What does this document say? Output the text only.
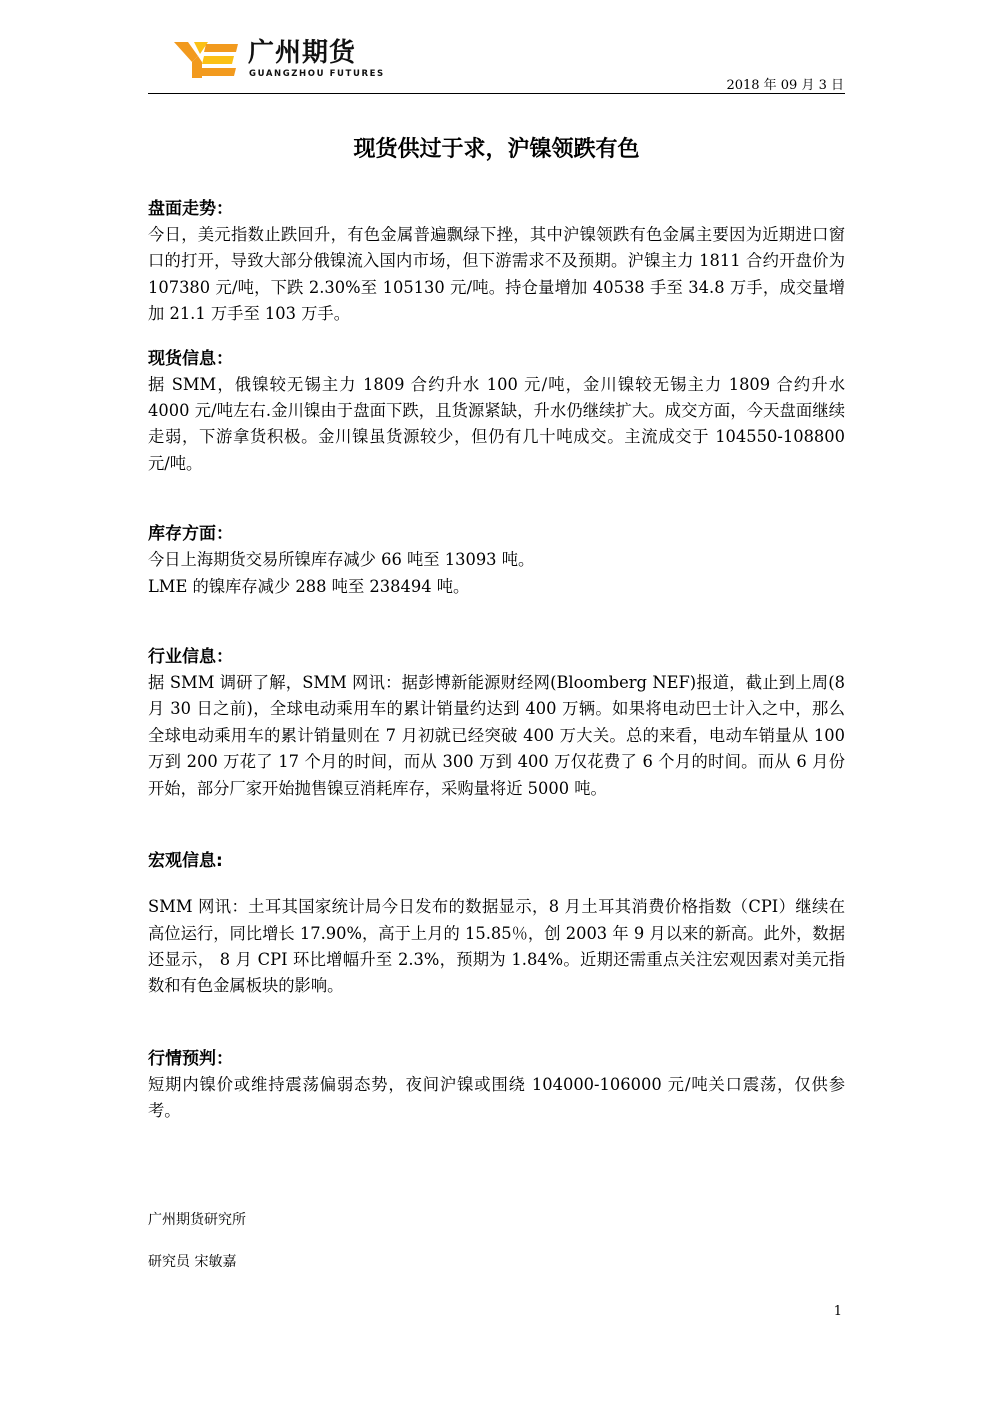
广州期货
GUANGZHOU FUTURES
2018 年 09 月 3 日
现货供过于求，沪镍领跌有色
盘面走势：

今日，美元指数止跌回升，有色金属普遍飘绿下挫，其中沪镍领跌有色金属主要因为近期进口窗口的打开，导致大部分俄镍流入国内市场，但下游需求不及预期。沪镍主力 1811 合约开盘价为 107380 元/吨，下跌 2.30%至 105130 元/吨。持仓量增加 40538 手至 34.8 万手，成交量增加 21.1 万手至 103 万手。

现货信息：

据 SMM，俄镍较无锡主力 1809 合约升水 100 元/吨，金川镍较无锡主力 1809 合约升水 4000 元/吨左右.金川镍由于盘面下跌，且货源紧缺，升水仍继续扩大。成交方面，今天盘面继续走弱，下游拿货积极。金川镍虽货源较少，但仍有几十吨成交。主流成交于 104550-108800 元/吨。

库存方面：

今日上海期货交易所镍库存减少 66 吨至 13093 吨。

LME 的镍库存减少 288 吨至 238494 吨。

行业信息：

据 SMM 调研了解，SMM 网讯：据彭博新能源财经网(Bloomberg NEF)报道，截止到上周(8 月 30 日之前)，全球电动乘用车的累计销量约达到 400 万辆。如果将电动巴士计入之中，那么全球电动乘用车的累计销量则在 7 月初就已经突破 400 万大关。总的来看，电动车销量从 100 万到 200 万花了 17 个月的时间，而从 300 万到 400 万仅花费了 6 个月的时间。而从 6 月份开始，部分厂家开始抛售镍豆消耗库存，采购量将近 5000 吨。

宏观信息:

SMM 网讯：土耳其国家统计局今日发布的数据显示，8 月土耳其消费价格指数（CPI）继续在高位运行，同比增长 17.90%，高于上月的 15.85％，创 2003 年 9 月以来的新高。此外，数据还显示， 8 月 CPI 环比增幅升至 2.3%，预期为 1.84%。近期还需重点关注宏观因素对美元指数和有色金属板块的影响。

行情预判：

短期内镍价或维持震荡偏弱态势，夜间沪镍或围绕 104000-106000 元/吨关口震荡，仅供参考。

广州期货研究所
研究员 宋敏嘉
1
